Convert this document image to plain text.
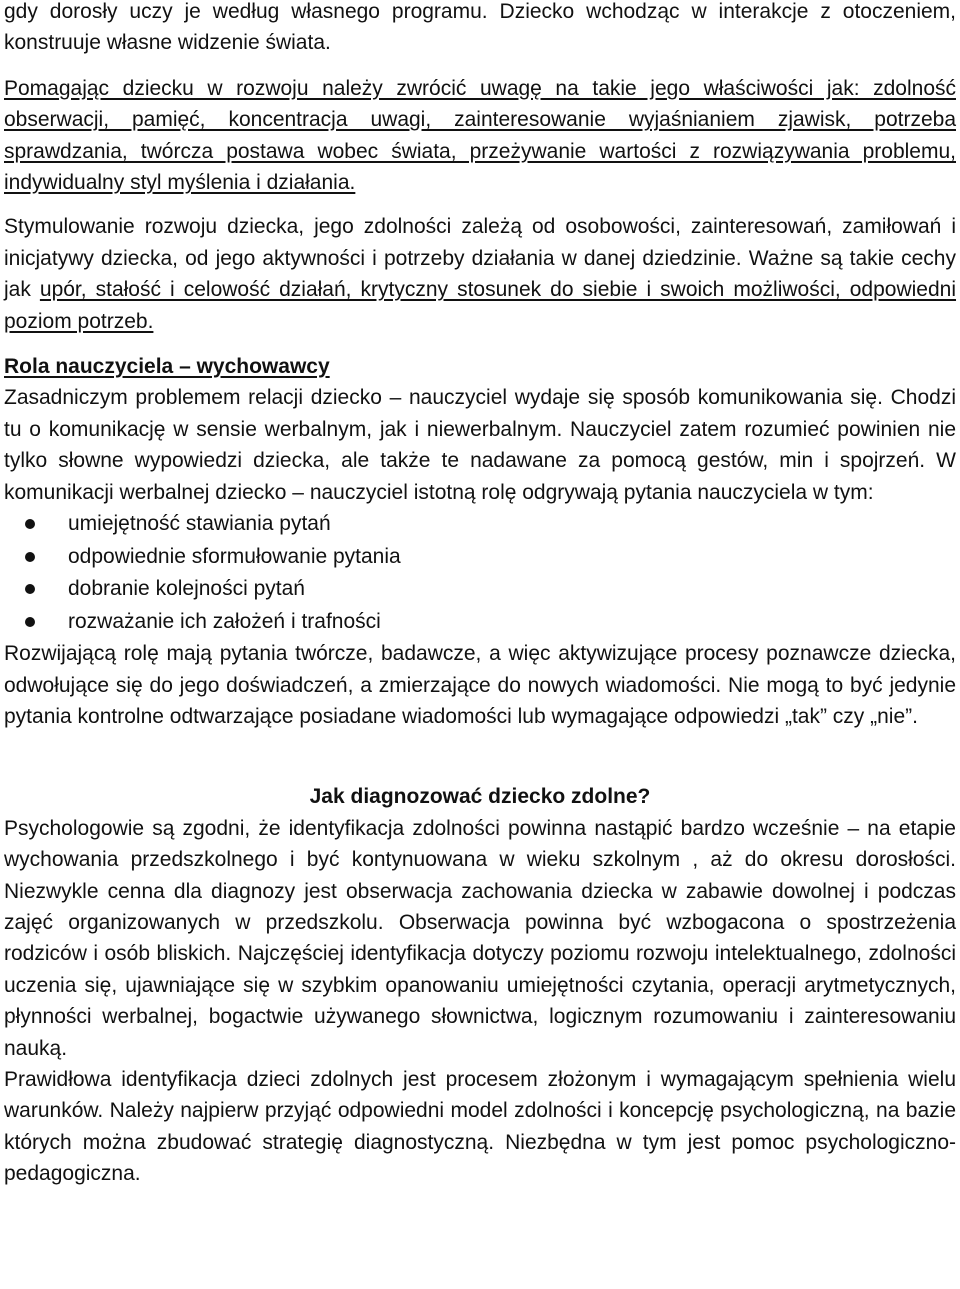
gdy dorosły uczy je według własnego programu. Dziecko wchodząc w interakcje z otoczeniem, konstruuje własne widzenie świata.

Pomagając dziecku w rozwoju należy zwrócić uwagę na takie jego właściwości jak: zdolność obserwacji, pamięć, koncentracja uwagi, zainteresowanie wyjaśnianiem zjawisk, potrzeba sprawdzania, twórcza postawa wobec świata, przeżywanie wartości z rozwiązywania problemu, indywidualny styl myślenia i działania.

Stymulowanie rozwoju dziecka, jego zdolności zależą od osobowości, zainteresowań, zamiłowań i inicjatywy dziecka, od jego aktywności i potrzeby działania w danej dziedzinie. Ważne są takie cechy jak upór, stałość i celowość działań, krytyczny stosunek do siebie i swoich możliwości, odpowiedni poziom potrzeb.

Rola nauczyciela – wychowawcy

Zasadniczym problemem relacji dziecko – nauczyciel wydaje się sposób komunikowania się. Chodzi tu o komunikację w sensie werbalnym, jak i niewerbalnym. Nauczyciel zatem rozumieć powinien nie tylko słowne wypowiedzi dziecka, ale także te nadawane za pomocą gestów, min i spojrzeń. W komunikacji werbalnej dziecko – nauczyciel istotną rolę odgrywają pytania nauczyciela w tym:

umiejętność stawiania pytań
odpowiednie sformułowanie pytania
dobranie kolejności pytań
rozważanie ich założeń i trafności

Rozwijającą rolę mają pytania twórcze, badawcze, a więc aktywizujące procesy poznawcze dziecka, odwołujące się do jego doświadczeń, a zmierzające do nowych wiadomości. Nie mogą to być jedynie pytania kontrolne odtwarzające posiadane wiadomości lub wymagające odpowiedzi „tak” czy „nie”.

Jak diagnozować dziecko zdolne?

Psychologowie są zgodni, że identyfikacja zdolności powinna nastąpić bardzo wcześnie – na etapie wychowania przedszkolnego i być kontynuowana w wieku szkolnym , aż do okresu dorosłości. Niezwykle cenna dla diagnozy jest obserwacja zachowania dziecka w zabawie dowolnej i podczas zajęć organizowanych w przedszkolu. Obserwacja powinna być wzbogacona o spostrzeżenia rodziców i osób bliskich. Najczęściej identyfikacja dotyczy poziomu rozwoju intelektualnego, zdolności uczenia się, ujawniające się w szybkim opanowaniu umiejętności czytania, operacji arytmetycznych, płynności werbalnej, bogactwie używanego słownictwa, logicznym rozumowaniu i zainteresowaniu nauką.

Prawidłowa identyfikacja dzieci zdolnych jest procesem złożonym i wymagającym spełnienia wielu warunków. Należy najpierw przyjąć odpowiedni model zdolności i koncepcję psychologiczną, na bazie których można zbudować strategię diagnostyczną. Niezbędna w tym jest pomoc psychologiczno-pedagogiczna.
